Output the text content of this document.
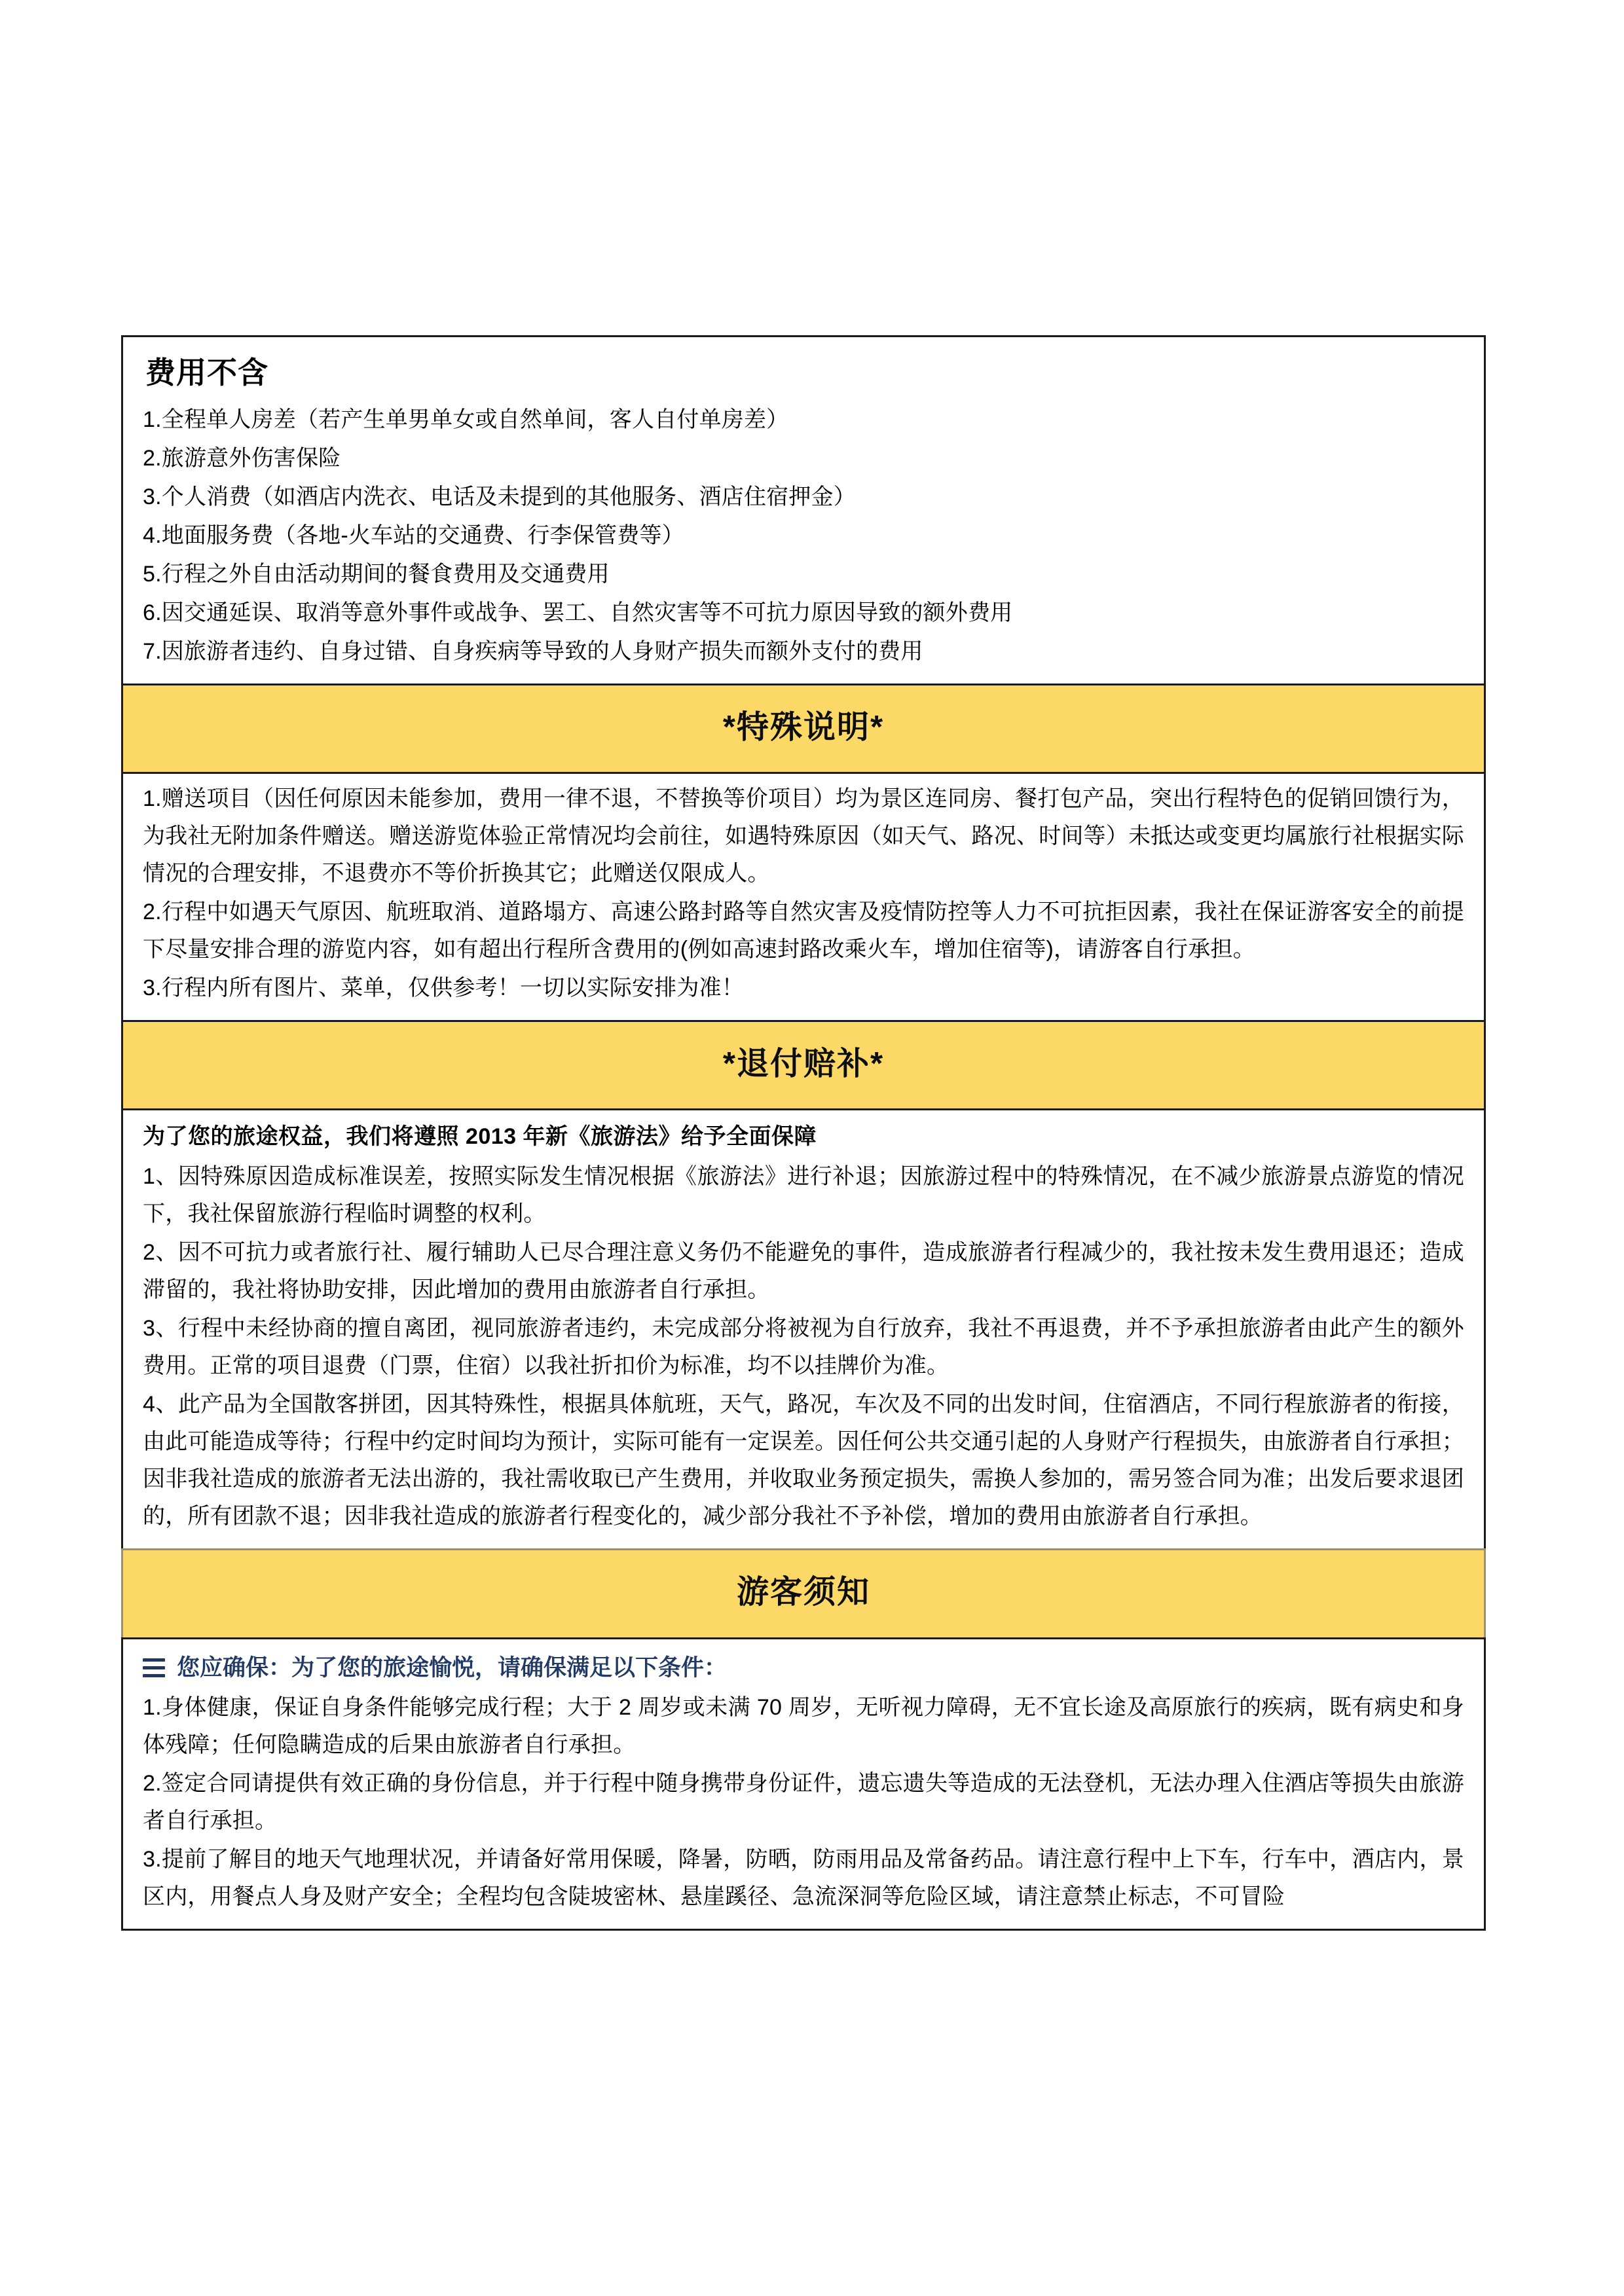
费用不含

1.全程单人房差（若产生单男单女或自然单间，客人自付单房差）

2.旅游意外伤害保险

3.个人消费（如酒店内洗衣、电话及未提到的其他服务、酒店住宿押金）

4.地面服务费（各地-火车站的交通费、行李保管费等）

5.行程之外自由活动期间的餐食费用及交通费用

6.因交通延误、取消等意外事件或战争、罢工、自然灾害等不可抗力原因导致的额外费用

7.因旅游者违约、自身过错、自身疾病等导致的人身财产损失而额外支付的费用

*特殊说明*

1.赠送项目（因任何原因未能参加，费用一律不退，不替换等价项目）均为景区连同房、餐打包产品，突出行程特色的促销回馈行为，为我社无附加条件赠送。赠送游览体验正常情况均会前往，如遇特殊原因（如天气、路况、时间等）未抵达或变更均属旅行社根据实际情况的合理安排，不退费亦不等价折换其它；此赠送仅限成人。

2.行程中如遇天气原因、航班取消、道路塌方、高速公路封路等自然灾害及疫情防控等人力不可抗拒因素，我社在保证游客安全的前提下尽量安排合理的游览内容，如有超出行程所含费用的(例如高速封路改乘火车，增加住宿等)，请游客自行承担。

3.行程内所有图片、菜单，仅供参考！一切以实际安排为准！

*退付赔补*

为了您的旅途权益，我们将遵照 2013 年新《旅游法》给予全面保障

1、因特殊原因造成标准误差，按照实际发生情况根据《旅游法》进行补退；因旅游过程中的特殊情况，在不减少旅游景点游览的情况下，我社保留旅游行程临时调整的权利。

2、因不可抗力或者旅行社、履行辅助人已尽合理注意义务仍不能避免的事件，造成旅游者行程减少的，我社按未发生费用退还；造成滞留的，我社将协助安排，因此增加的费用由旅游者自行承担。

3、行程中未经协商的擅自离团，视同旅游者违约，未完成部分将被视为自行放弃，我社不再退费，并不予承担旅游者由此产生的额外费用。正常的项目退费（门票，住宿）以我社折扣价为标准，均不以挂牌价为准。

4、此产品为全国散客拼团，因其特殊性，根据具体航班，天气，路况，车次及不同的出发时间，住宿酒店，不同行程旅游者的衔接，由此可能造成等待；行程中约定时间均为预计，实际可能有一定误差。因任何公共交通引起的人身财产行程损失，由旅游者自行承担；因非我社造成的旅游者无法出游的，我社需收取已产生费用，并收取业务预定损失，需换人参加的，需另签合同为准；出发后要求退团的，所有团款不退；因非我社造成的旅游者行程变化的，减少部分我社不予补偿，增加的费用由旅游者自行承担。

游客须知
您应确保：为了您的旅途愉悦，请确保满足以下条件：

1.身体健康，保证自身条件能够完成行程；大于 2 周岁或未满 70 周岁，无听视力障碍，无不宜长途及高原旅行的疾病，既有病史和身体残障；任何隐瞒造成的后果由旅游者自行承担。

2.签定合同请提供有效正确的身份信息，并于行程中随身携带身份证件，遗忘遗失等造成的无法登机，无法办理入住酒店等损失由旅游者自行承担。

3.提前了解目的地天气地理状况，并请备好常用保暖，降暑，防晒，防雨用品及常备药品。请注意行程中上下车，行车中，酒店内，景区内，用餐点人身及财产安全；全程均包含陡坡密林、悬崖蹊径、急流深洞等危险区域，请注意禁止标志，不可冒险
